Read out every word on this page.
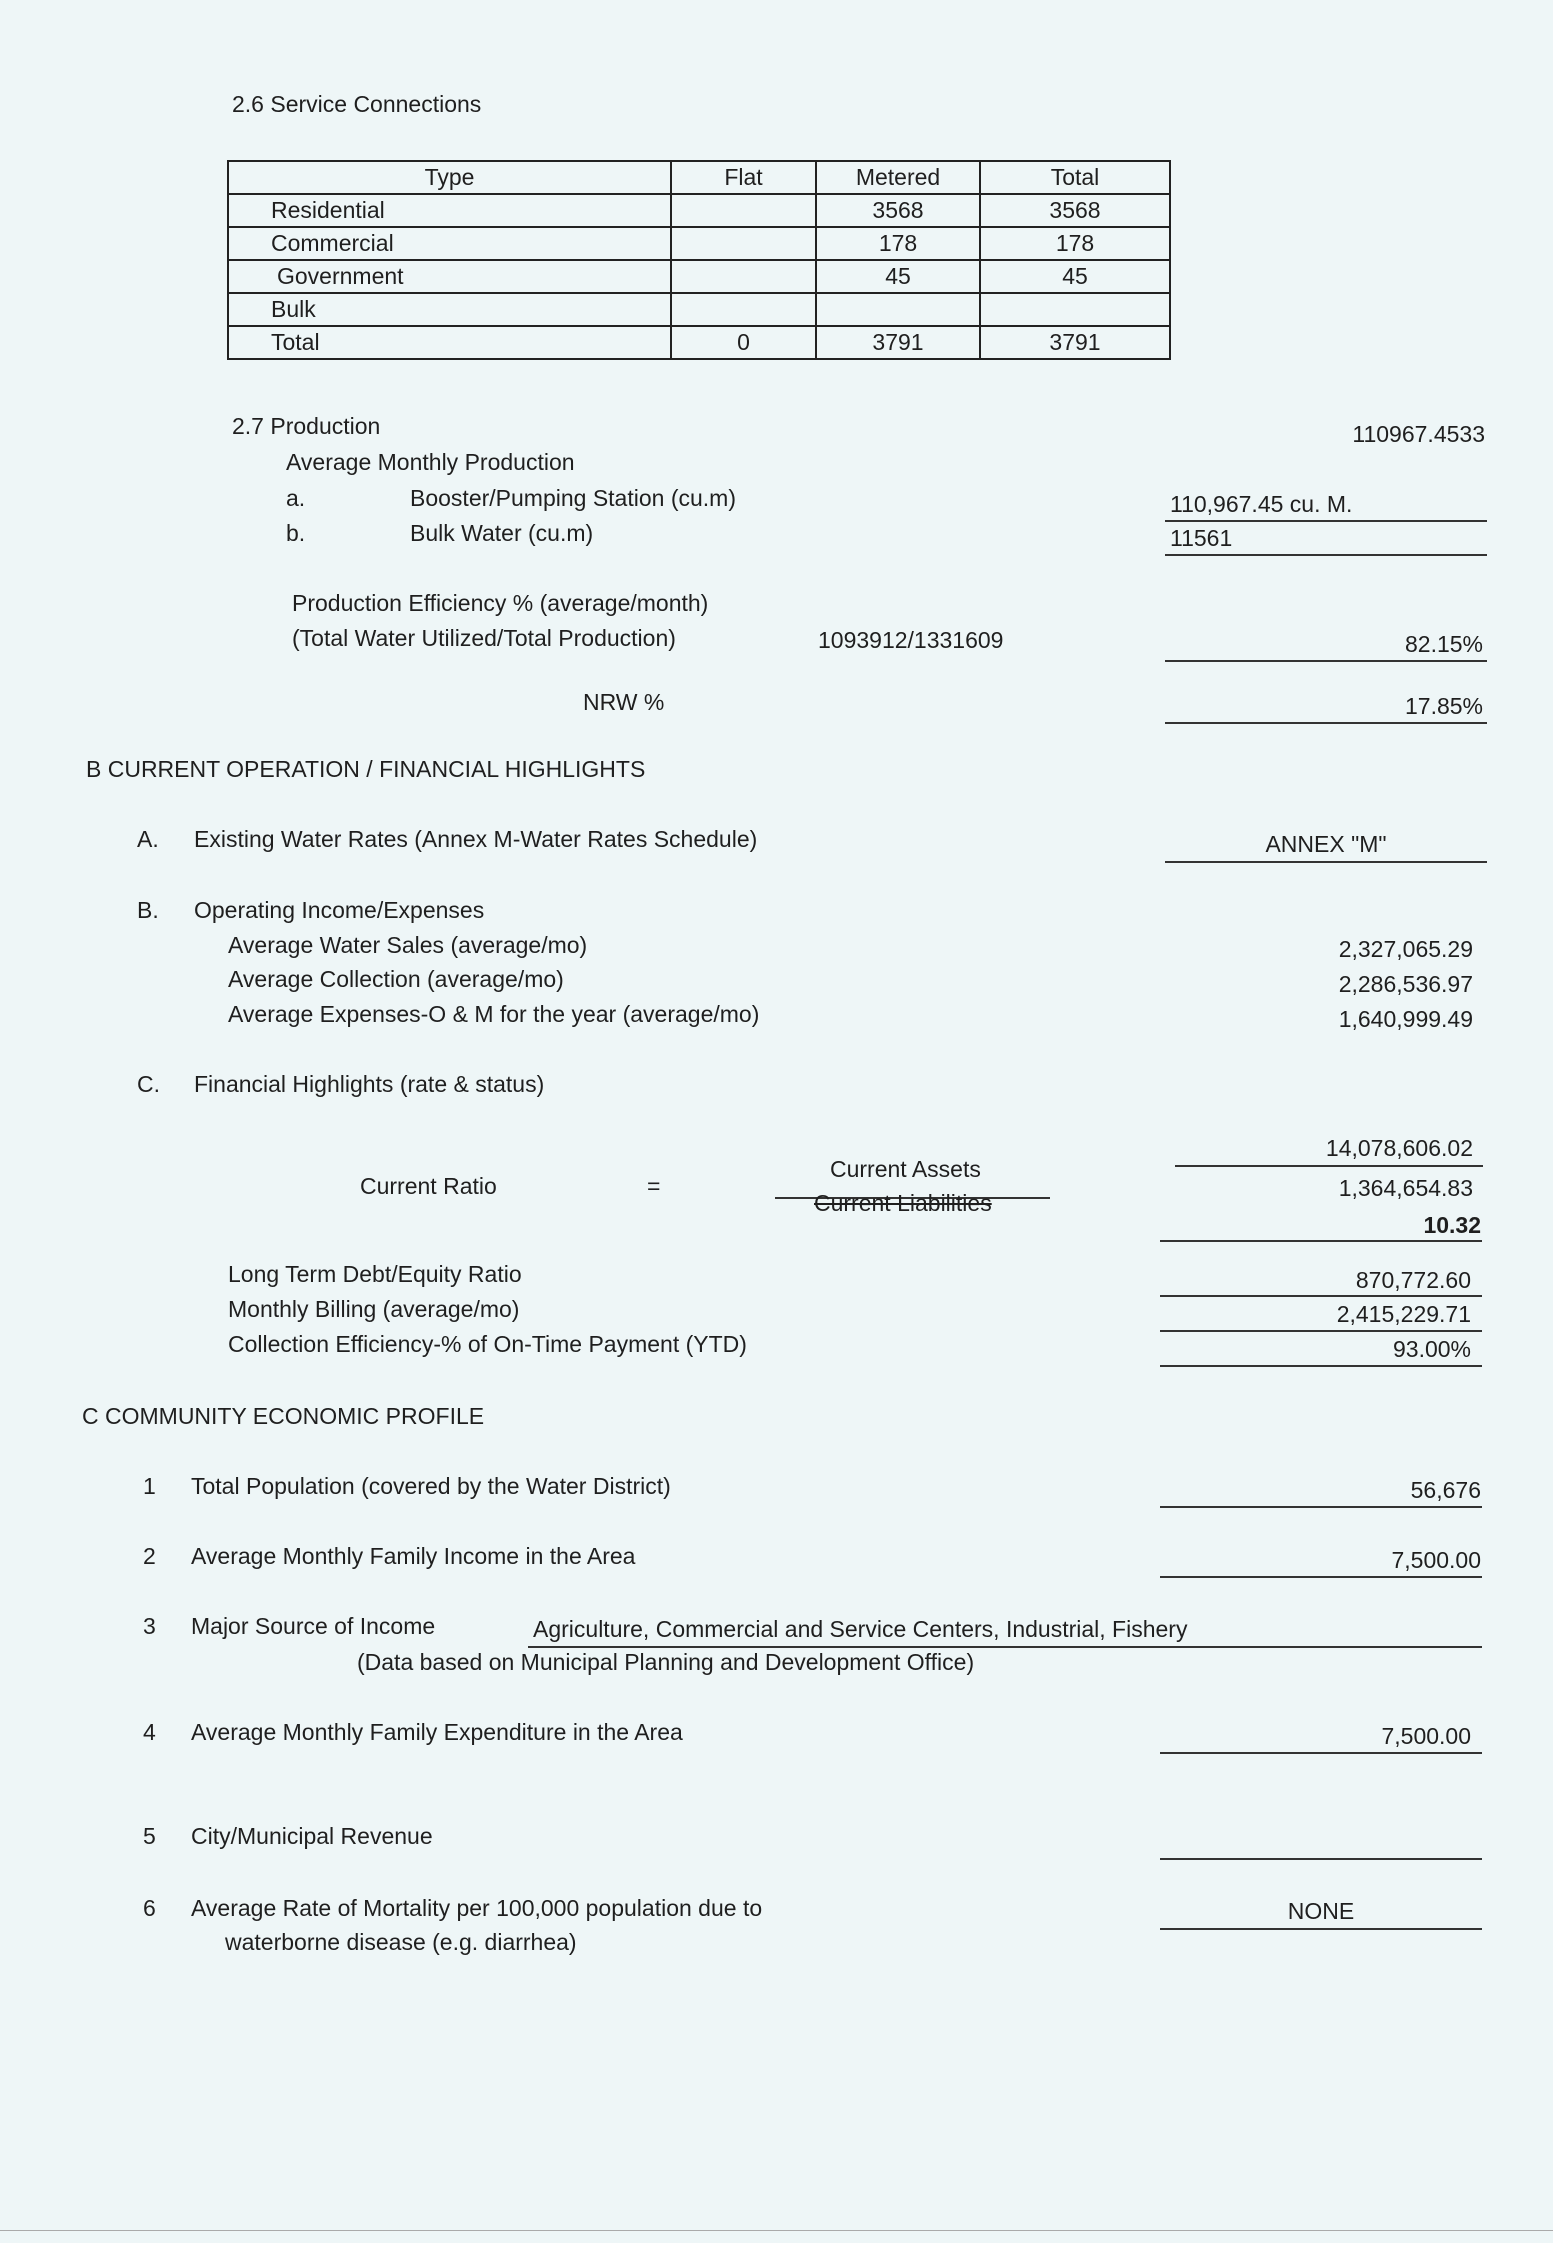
2.6 Service Connections
Type	Flat	Metered	Total
Residential		3568	3568
Commercial		178	178
Government		45	45
Bulk			
Total	0	3791	3791
2.7 Production	110967.4533
Average Monthly Production
a.	Booster/Pumping Station (cu.m)	110,967.45 cu. M.
b.	Bulk Water (cu.m)	11561
Production Efficiency % (average/month)
(Total Water Utilized/Total Production)	1093912/1331609	82.15%
NRW %	17.85%
B CURRENT OPERATION / FINANCIAL HIGHLIGHTS
A. Existing Water Rates (Annex M-Water Rates Schedule)	ANNEX "M"
B. Operating Income/Expenses
Average Water Sales (average/mo)	2,327,065.29
Average Collection (average/mo)	2,286,536.97
Average Expenses-O & M for the year (average/mo)	1,640,999.49
C. Financial Highlights (rate & status)
14,078,606.02
Current Ratio	=
Current Assets
Current Liabilities
1,364,654.83
10.32
Long Term Debt/Equity Ratio	870,772.60
Monthly Billing (average/mo)	2,415,229.71
Collection Efficiency-% of On-Time Payment (YTD)	93.00%
C COMMUNITY ECONOMIC PROFILE
1 Total Population (covered by the Water District)	56,676
2 Average Monthly Family Income in the Area	7,500.00
3 Major Source of Income	Agriculture, Commercial and Service Centers, Industrial, Fishery
(Data based on Municipal Planning and Development Office)
4 Average Monthly Family Expenditure in the Area	7,500.00
5 City/Municipal Revenue
6 Average Rate of Mortality per 100,000 population due to
waterborne disease (e.g. diarrhea)
NONE
